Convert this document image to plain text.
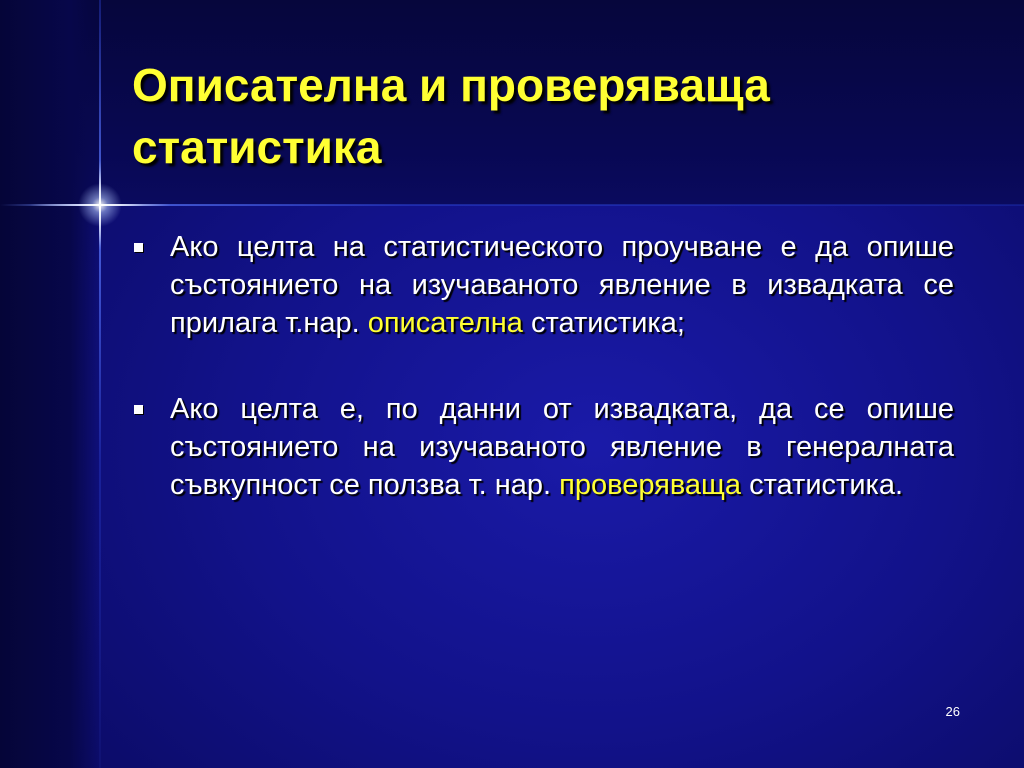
Описателна и проверяваща статистика
Ако целта на статистическото проучване е да опише състоянието на изучаваното явление в извадката се прилага т.нар. описателна статистика;
Ако целта е, по данни от извадката, да се опише състоянието на изучаваното явление в генералната съвкупност се ползва т. нар. проверяваща статистика.
26
